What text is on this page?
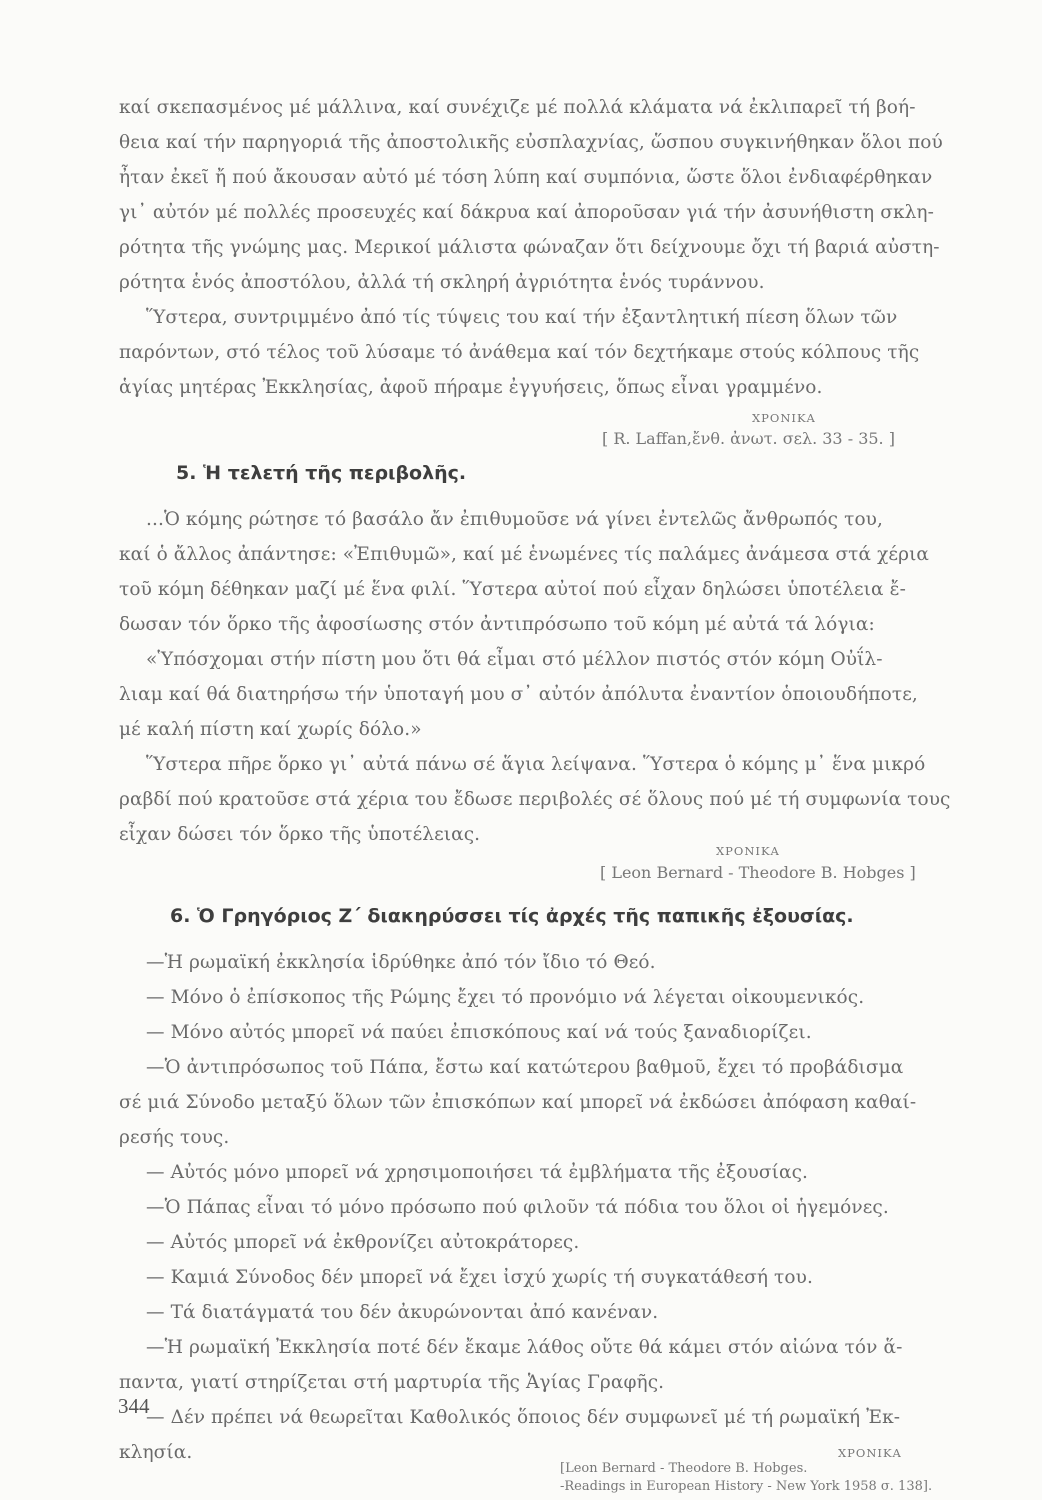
καί σκεπασμένος μέ μάλλινα, καί συνέχιζε μέ πολλά κλάματα νά ἐκλιπαρεῖ τή βοή-
θεια καί τήν παρηγοριά τῆς ἀποστολικῆς εὐσπλαχνίας, ὥσπου συγκινήθηκαν ὅλοι πού
ἦταν ἐκεῖ ἤ πού ἄκουσαν αὐτό μέ τόση λύπη καί συμπόνια, ὥστε ὅλοι ἐνδιαφέρθηκαν
γι᾽ αὐτόν μέ πολλές προσευχές καί δάκρυα καί ἀποροῦσαν γιά τήν ἀσυνήθιστη σκλη-
ρότητα τῆς γνώμης μας. Μερικοί μάλιστα φώναζαν ὅτι δείχνουμε ὄχι τή βαριά αὐστη-
ρότητα ἑνός ἀποστόλου, ἀλλά τή σκληρή ἀγριότητα ἑνός τυράννου.
Ὕστερα, συντριμμένο ἀπό τίς τύψεις του καί τήν ἐξαντλητική πίεση ὅλων τῶν
παρόντων, στό τέλος τοῦ λύσαμε τό ἀνάθεμα καί τόν δεχτήκαμε στούς κόλπους τῆς
ἁγίας μητέρας Ἐκκλησίας, ἀφοῦ πήραμε ἐγγυήσεις, ὅπως εἶναι γραμμένο.
ΧΡΟΝΙΚΑ
[ R. Laffan,ἔνθ. ἀνωτ. σελ. 33 - 35. ]
5. Ἡ τελετή τῆς περιβολῆς.
...Ὁ κόμης ρώτησε τό βασάλο ἄν ἐπιθυμοῦσε νά γίνει ἐντελῶς ἄνθρωπός του,
καί ὁ ἄλλος ἀπάντησε: «Ἐπιθυμῶ», καί μέ ἑνωμένες τίς παλάμες ἀνάμεσα στά χέρια
τοῦ κόμη δέθηκαν μαζί μέ ἕνα φιλί. Ὕστερα αὐτοί πού εἶχαν δηλώσει ὑποτέλεια ἔ-
δωσαν τόν ὅρκο τῆς ἀφοσίωσης στόν ἀντιπρόσωπο τοῦ κόμη μέ αὐτά τά λόγια:
«Ὑπόσχομαι στήν πίστη μου ὅτι θά εἶμαι στό μέλλον πιστός στόν κόμη Οὐΐλ-
λιαμ καί θά διατηρήσω τήν ὑποταγή μου σ᾽ αὐτόν ἀπόλυτα ἐναντίον ὁποιουδήποτε,
μέ καλή πίστη καί χωρίς δόλο.»
Ὕστερα πῆρε ὅρκο γι᾽ αὐτά πάνω σέ ἅγια λείψανα. Ὕστερα ὁ κόμης μ᾽ ἕνα μικρό
ραβδί πού κρατοῦσε στά χέρια του ἔδωσε περιβολές σέ ὅλους πού μέ τή συμφωνία τους
εἶχαν δώσει τόν ὅρκο τῆς ὑποτέλειας.
ΧΡΟΝΙΚΑ
[ Leon Bernard - Theodore B. Hobges ]
6. Ὁ Γρηγόριος Ζ΄ διακηρύσσει τίς ἀρχές τῆς παπικῆς ἐξουσίας.
—Ἡ ρωμαϊκή ἐκκλησία ἱδρύθηκε ἀπό τόν ἴδιο τό Θεό.
— Μόνο ὁ ἐπίσκοπος τῆς Ρώμης ἔχει τό προνόμιο νά λέγεται οἰκουμενικός.
— Μόνο αὐτός μπορεῖ νά παύει ἐπισκόπους καί νά τούς ξαναδιορίζει.
—Ὁ ἀντιπρόσωπος τοῦ Πάπα, ἔστω καί κατώτερου βαθμοῦ, ἔχει τό προβάδισμα
σέ μιά Σύνοδο μεταξύ ὅλων τῶν ἐπισκόπων καί μπορεῖ νά ἐκδώσει ἀπόφαση καθαί-
ρεσής τους.
— Αὐτός μόνο μπορεῖ νά χρησιμοποιήσει τά ἐμβλήματα τῆς ἐξουσίας.
—Ὁ Πάπας εἶναι τό μόνο πρόσωπο πού φιλοῦν τά πόδια του ὅλοι οἱ ἡγεμόνες.
— Αὐτός μπορεῖ νά ἐκθρονίζει αὐτοκράτορες.
— Καμιά Σύνοδος δέν μπορεῖ νά ἔχει ἰσχύ χωρίς τή συγκατάθεσή του.
— Τά διατάγματά του δέν ἀκυρώνονται ἀπό κανέναν.
—Ἡ ρωμαϊκή Ἐκκλησία ποτέ δέν ἔκαμε λάθος οὔτε θά κάμει στόν αἰώνα τόν ἅ-
παντα, γιατί στηρίζεται στή μαρτυρία τῆς Ἁγίας Γραφῆς.
— Δέν πρέπει νά θεωρεῖται Καθολικός ὅποιος δέν συμφωνεῖ μέ τή ρωμαϊκή Ἐκ-
κλησία.	ΧΡΟΝΙΚΑ
[Leon Bernard - Theodore B. Hobges.
-Readings in European History - New York 1958 σ. 138].
344
